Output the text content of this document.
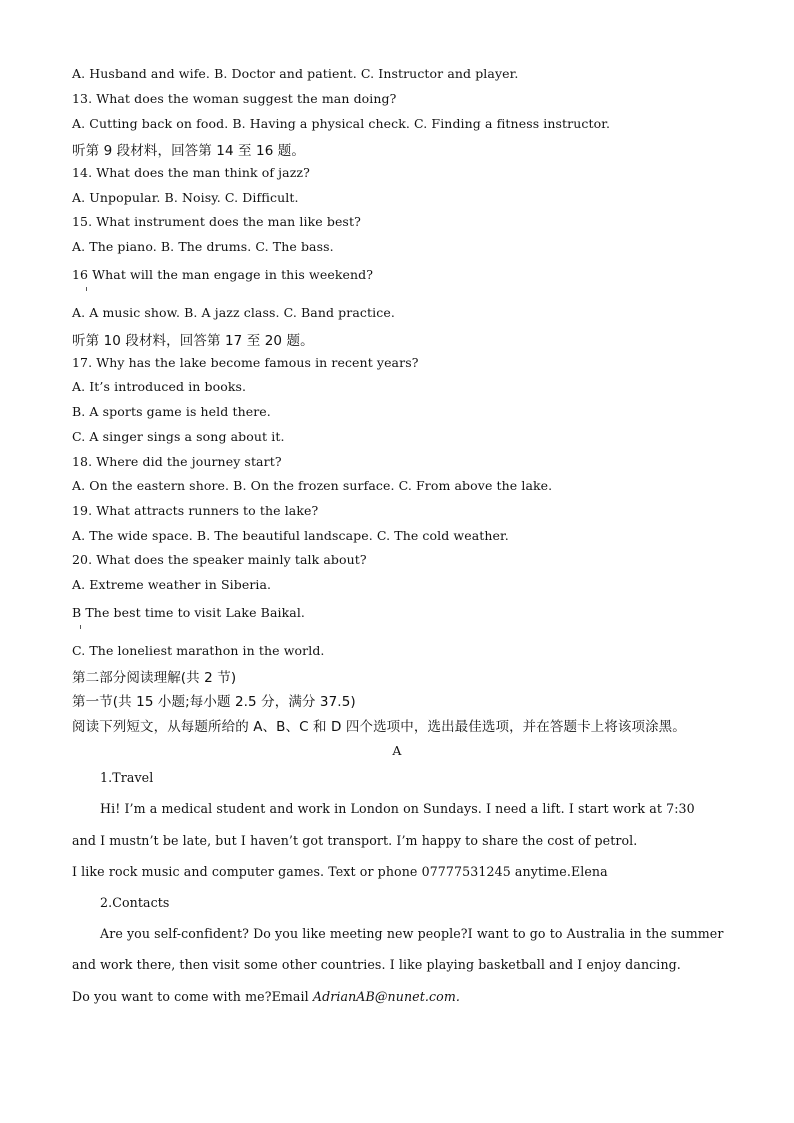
A. Husband and wife. B. Doctor and patient. C. Instructor and player.
13. What does the woman suggest the man doing?
A. Cutting back on food. B. Having a physical check. C. Finding a fitness instructor.
听第 9 段材料，回答第 14 至 16 题。
14. What does the man think of jazz?
A. Unpopular. B. Noisy. C. Difficult.
15. What instrument does the man like best?
A. The piano. B. The drums. C. The bass.
16 What will the man engage in this weekend?
A. A music show. B. A jazz class. C. Band practice.
听第 10 段材料，回答第 17 至 20 题。
17. Why has the lake become famous in recent years?
A. It’s introduced in books.
B. A sports game is held there.
C. A singer sings a song about it.
18. Where did the journey start?
A. On the eastern shore. B. On the frozen surface. C. From above the lake.
19. What attracts runners to the lake?
A. The wide space. B. The beautiful landscape. C. The cold weather.
20. What does the speaker mainly talk about?
A. Extreme weather in Siberia.
B The best time to visit Lake Baikal.
C. The loneliest marathon in the world.
第二部分阅读理解(共 2 节)
第一节(共 15 小题;每小题 2.5 分，满分 37.5)
阅读下列短文，从每题所给的 A、B、C 和 D 四个选项中，选出最佳选项，并在答题卡上将该项涂黑。
A
1.Travel
Hi! I’m a medical student and work in London on Sundays. I need a lift. I start work at 7:30
and I mustn’t be late, but I haven’t got transport. I’m happy to share the cost of petrol.
I like rock music and computer games. Text or phone 07777531245 anytime.Elena
2.Contacts
Are you self-confident? Do you like meeting new people?I want to go to Australia in the summer
and work there, then visit some other countries. I like playing basketball and I enjoy dancing.
Do you want to come with me?Email AdrianAB@nunet.com.
